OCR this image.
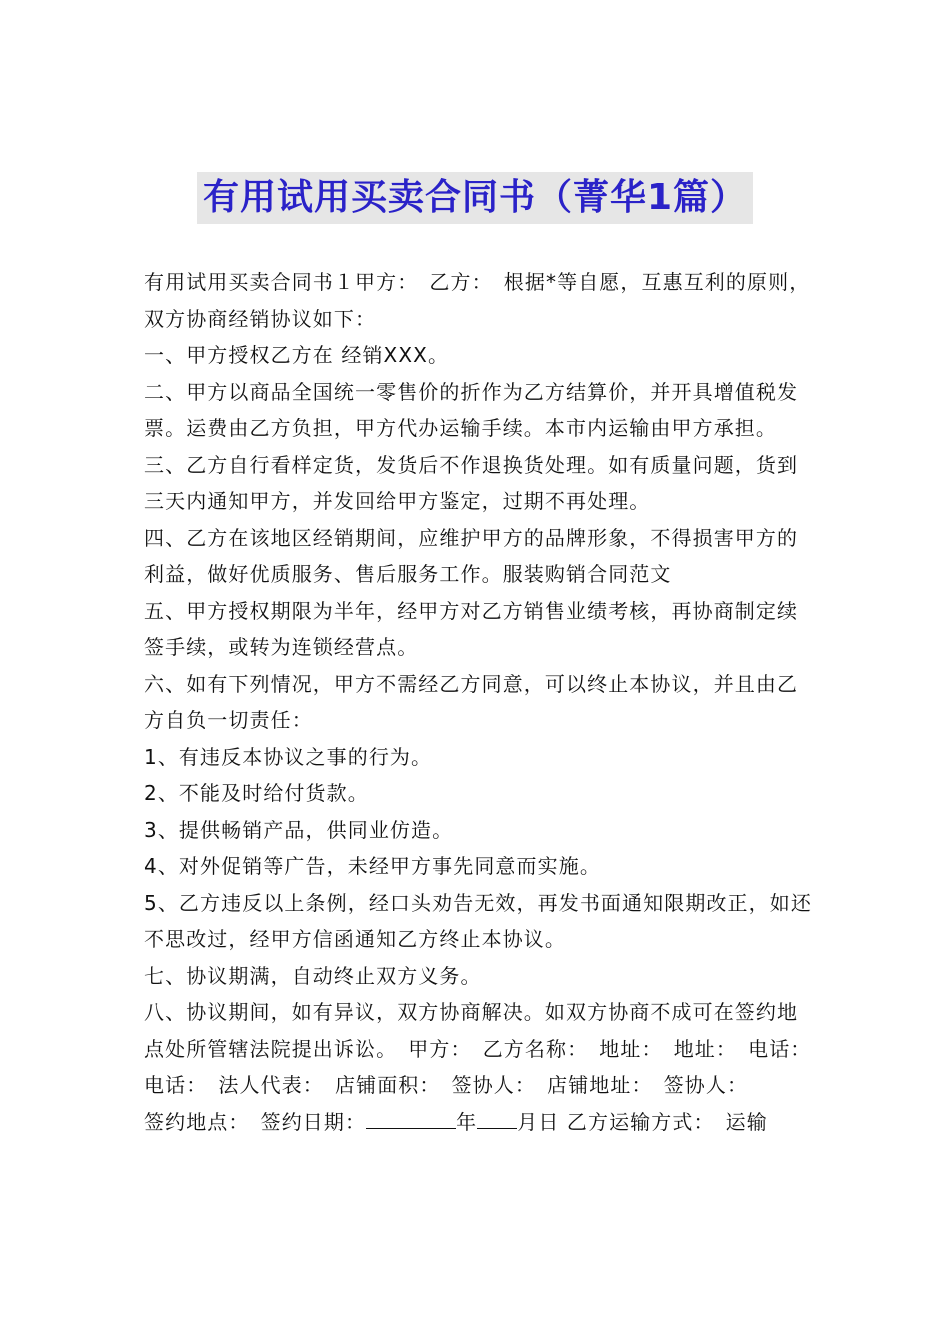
有用试用买卖合同书（菁华1篇）

有用试用买卖合同书１甲方：　乙方：　根据*等自愿，互惠互利的原则，双方协商经销协议如下：

一、甲方授权乙方在 经销XXX。

二、甲方以商品全国统一零售价的折作为乙方结算价，并开具增值税发票。运费由乙方负担，甲方代办运输手续。本市内运输由甲方承担。

三、乙方自行看样定货，发货后不作退换货处理。如有质量问题，货到三天内通知甲方，并发回给甲方鉴定，过期不再处理。

四、乙方在该地区经销期间，应维护甲方的品牌形象，不得损害甲方的利益，做好优质服务、售后服务工作。服装购销合同范文

五、甲方授权期限为半年，经甲方对乙方销售业绩考核，再协商制定续签手续，或转为连锁经营点。

六、如有下列情况，甲方不需经乙方同意，可以终止本协议，并且由乙方自负一切责任：

1、有违反本协议之事的行为。

2、不能及时给付货款。

3、提供畅销产品，供同业仿造。

4、对外促销等广告，未经甲方事先同意而实施。

5、乙方违反以上条例，经口头劝告无效，再发书面通知限期改正，如还不思改过，经甲方信函通知乙方终止本协议。

七、协议期满，自动终止双方义务。

八、协议期间，如有异议，双方协商解决。如双方协商不成可在签约地点处所管辖法院提出诉讼。　甲方：　乙方名称：　地址：　地址：　电话：　电话：　法人代表：　店铺面积：　签协人：　店铺地址：　签协人：

签约地点：　签约日期：	年 月日 乙方运输方式：　运输
